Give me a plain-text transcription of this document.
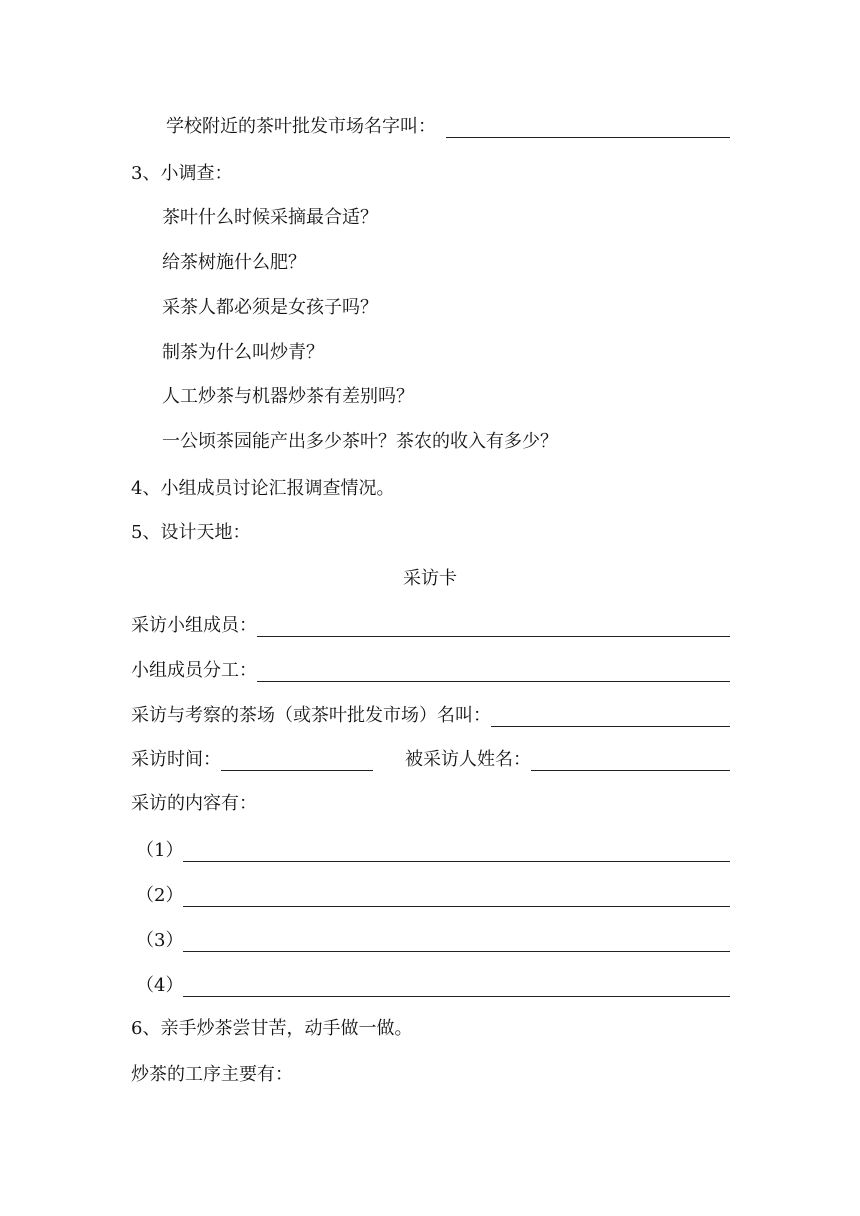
学校附近的茶叶批发市场名字叫：
3、小调查：
茶叶什么时候采摘最合适？
给茶树施什么肥？
采茶人都必须是女孩子吗？
制茶为什么叫炒青？
人工炒茶与机器炒茶有差别吗？
一公顷茶园能产出多少茶叶？茶农的收入有多少？
4、小组成员讨论汇报调查情况。
5、设计天地：
采访卡
采访小组成员：
小组成员分工：
采访与考察的茶场（或茶叶批发市场）名叫：
采访时间：	被采访人姓名：
采访的内容有：
（1）
（2）
（3）
（4）
6、亲手炒茶尝甘苦，动手做一做。
炒茶的工序主要有：
